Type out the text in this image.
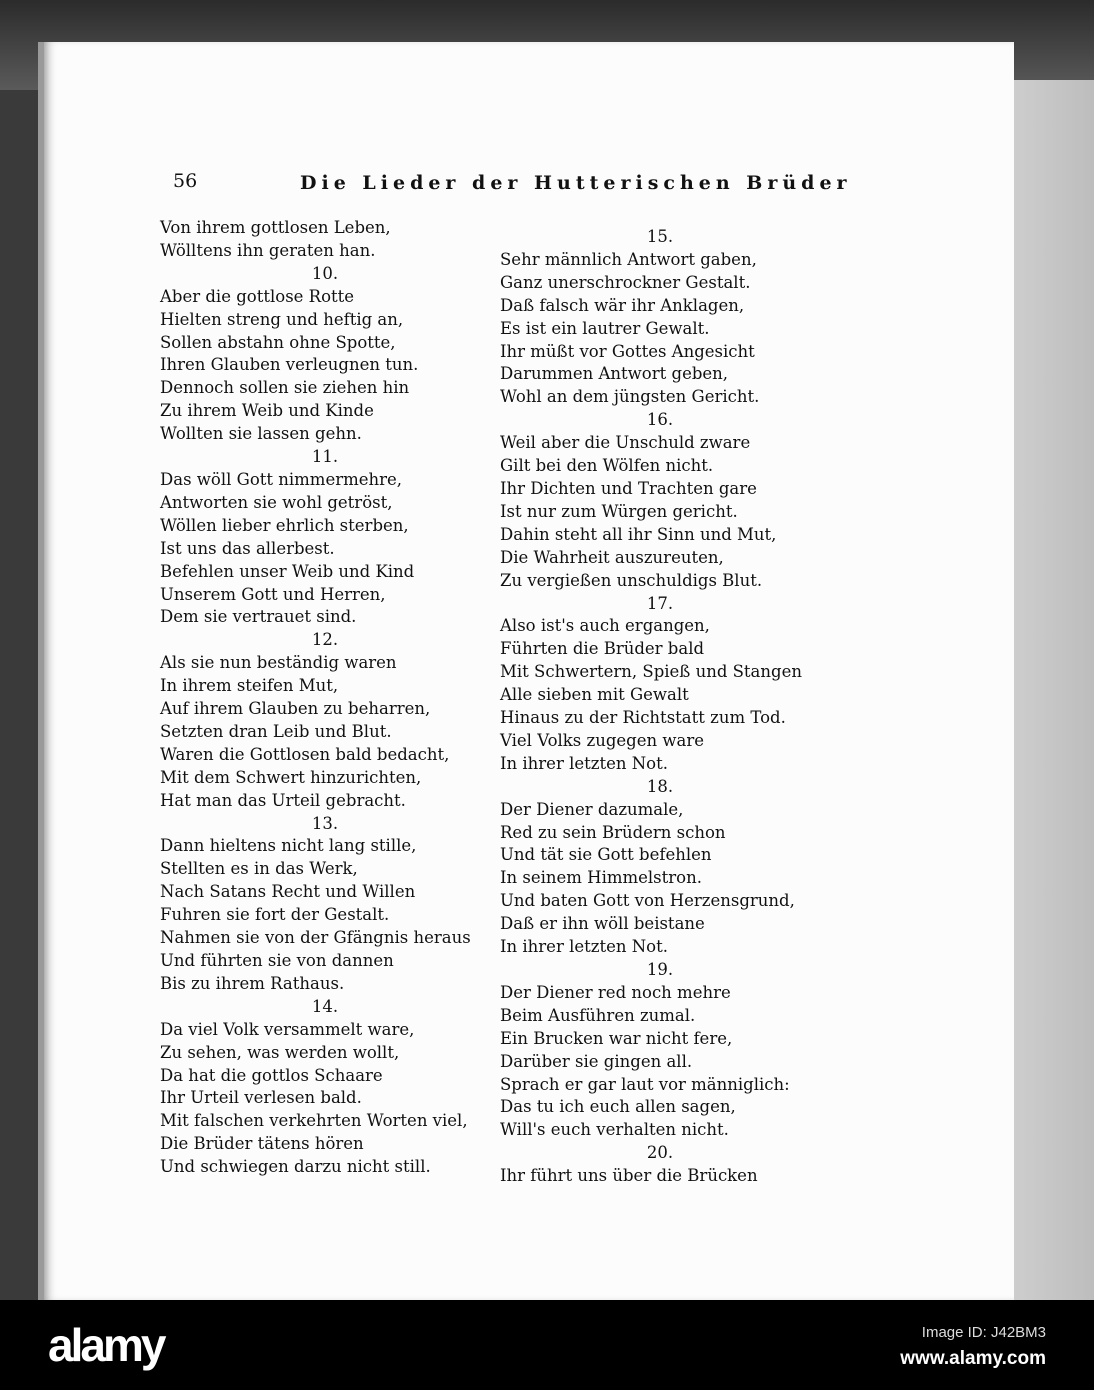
56	Die Lieder der Hutterischen Brüder
Von ihrem gottlosen Leben,
Wölltens ihn geraten han.
10.
Aber die gottlose Rotte
Hielten streng und heftig an,
Sollen abstahn ohne Spotte,
Ihren Glauben verleugnen tun.
Dennoch sollen sie ziehen hin
Zu ihrem Weib und Kinde
Wollten sie lassen gehn.
11.
Das wöll Gott nimmermehre,
Antworten sie wohl getröst,
Wöllen lieber ehrlich sterben,
Ist uns das allerbest.
Befehlen unser Weib und Kind
Unserem Gott und Herren,
Dem sie vertrauet sind.
12.
Als sie nun beständig waren
In ihrem steifen Mut,
Auf ihrem Glauben zu beharren,
Setzten dran Leib und Blut.
Waren die Gottlosen bald bedacht,
Mit dem Schwert hinzurichten,
Hat man das Urteil gebracht.
13.
Dann hieltens nicht lang stille,
Stellten es in das Werk,
Nach Satans Recht und Willen
Fuhren sie fort der Gestalt.
Nahmen sie von der Gfängnis heraus
Und führten sie von dannen
Bis zu ihrem Rathaus.
14.
Da viel Volk versammelt ware,
Zu sehen, was werden wollt,
Da hat die gottlos Schaare
Ihr Urteil verlesen bald.
Mit falschen verkehrten Worten viel,
Die Brüder tätens hören
Und schwiegen darzu nicht still.
15.
Sehr männlich Antwort gaben,
Ganz unerschrockner Gestalt.
Daß falsch wär ihr Anklagen,
Es ist ein lautrer Gewalt.
Ihr müßt vor Gottes Angesicht
Darummen Antwort geben,
Wohl an dem jüngsten Gericht.
16.
Weil aber die Unschuld zware
Gilt bei den Wölfen nicht.
Ihr Dichten und Trachten gare
Ist nur zum Würgen gericht.
Dahin steht all ihr Sinn und Mut,
Die Wahrheit auszureuten,
Zu vergießen unschuldigs Blut.
17.
Also ist's auch ergangen,
Führten die Brüder bald
Mit Schwertern, Spieß und Stangen
Alle sieben mit Gewalt
Hinaus zu der Richtstatt zum Tod.
Viel Volks zugegen ware
In ihrer letzten Not.
18.
Der Diener dazumale,
Red zu sein Brüdern schon
Und tät sie Gott befehlen
In seinem Himmelstron.
Und baten Gott von Herzensgrund,
Daß er ihn wöll beistane
In ihrer letzten Not.
19.
Der Diener red noch mehre
Beim Ausführen zumal.
Ein Brucken war nicht fere,
Darüber sie gingen all.
Sprach er gar laut vor männiglich:
Das tu ich euch allen sagen,
Will's euch verhalten nicht.
20.
Ihr führt uns über die Brücken
alamy	Image ID: J42BM3
www.alamy.com
